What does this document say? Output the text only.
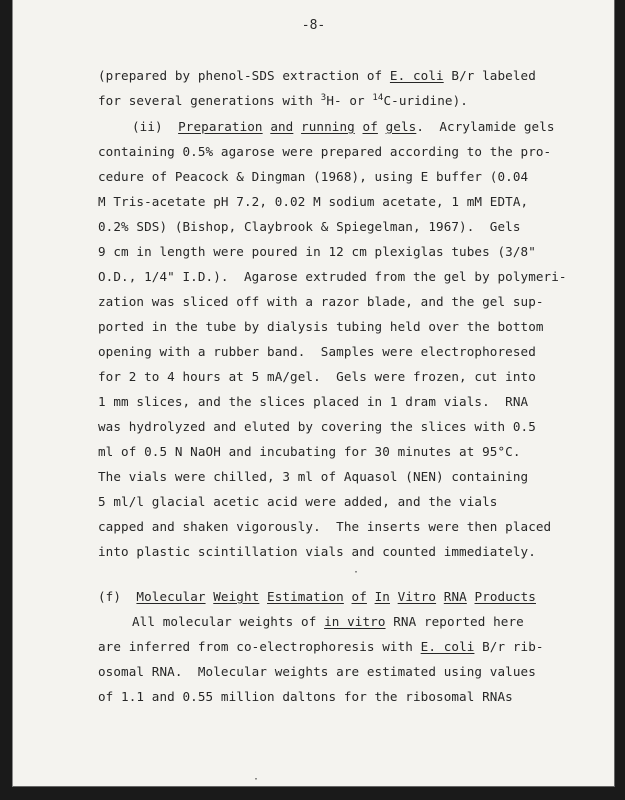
-8-
(prepared by phenol-SDS extraction of E. coli B/r labeled
for several generations with $^3$H- or $^{14}$C-uridine).
(ii) Preparation and running of gels. Acrylamide gels
containing 0.5% agarose were prepared according to the pro-
cedure of Peacock & Dingman (1968), using E buffer (0.04
M Tris-acetate pH 7.2, 0.02 M sodium acetate, 1 mM EDTA,
0.2% SDS) (Bishop, Claybrook & Spiegelman, 1967).  Gels
9 cm in length were poured in 12 cm plexiglas tubes (3/8"
O.D., 1/4" I.D.).  Agarose extruded from the gel by polymeri-
zation was sliced off with a razor blade, and the gel sup-
ported in the tube by dialysis tubing held over the bottom
opening with a rubber band.  Samples were electrophoresed
for 2 to 4 hours at 5 mA/gel.  Gels were frozen, cut into
1 mm slices, and the slices placed in 1 dram vials.  RNA
was hydrolyzed and eluted by covering the slices with 0.5
ml of 0.5 N NaOH and incubating for 30 minutes at 95°C.
The vials were chilled, 3 ml of Aquasol (NEN) containing
5 ml/l glacial acetic acid were added, and the vials
capped and shaken vigorously.  The inserts were then placed
into plastic scintillation vials and counted immediately.
·
(f) Molecular Weight Estimation of In Vitro RNA Products
All molecular weights of in vitro RNA reported here
are inferred from co-electrophoresis with E. coli B/r rib-
osomal RNA.  Molecular weights are estimated using values
of 1.1 and 0.55 million daltons for the ribosomal RNAs
·
